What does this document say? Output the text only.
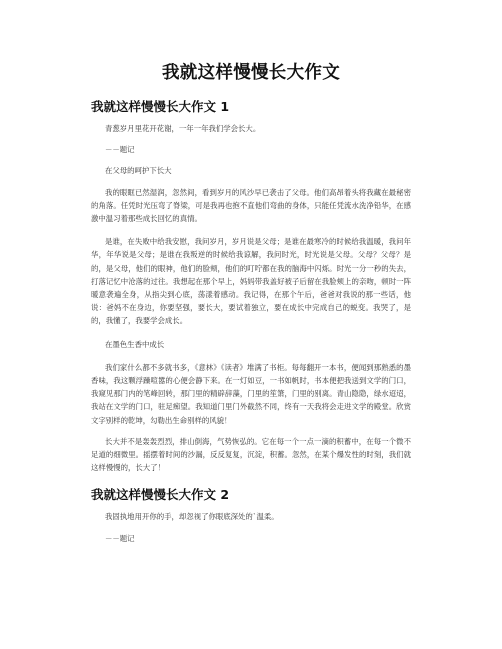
我就这样慢慢长大作文
我就这样慢慢长大作文 1

青葱岁月里花开花谢，一年一年我们学会长大。

－－题记

在父母的呵护下长大

我的眼眶已然湿润，忽然间，看到岁月的风沙早已袭击了父母。他们高昂着头将我藏在最秘密的角落。任凭时光压弯了脊梁，可是我再也抱不直他们弯曲的身体，只能任凭流水洗净铅华，在感激中温习着那些成长回忆的真情。

是谁，在失败中给我安慰，我问岁月，岁月说是父母；是谁在最寒冷的时候给我温暖，我问年华，年华说是父母；是谁在我叛逆的时候给我谅解，我问时光，时光说是父母。父母？父母？是的，是父母，他们的眼神，他们的脸颊，他们的叮咛都在我的脑海中闪烁。时光一分一秒的失去，打落记忆中沧落的过往。我想起在那个早上，妈妈带我盖好被子后留在我脸颊上的亲吻，顿时一阵暖意袭遍全身，从指尖到心底，荡漾着感动。我记得，在那个午后，爸爸对我说的那一些话，他说：爸妈不在身边，你要坚强，要长大，要试着独立，要在成长中完成自己的蜕变。我哭了，是的，我懂了，我要学会成长。

在墨色生香中成长

我们家什么都不多就书多，《意林》《读者》堆满了书柜。每每翻开一本书，便闻到那熟悉的墨香味，我这颗浮躁喧嚣的心便会静下来。在一灯如豆，一书如帆时，书本便把我送到文学的门口，我窥见那门内的笔峰回转，那门里的精辟辞藻，门里的笙箫，门里的别离。青山隐隐，绿水迢迢，我站在文学的门口，驻足痴望。我知道门里门外截然不同，终有一天我将会走进文学的殿堂。欣赏文字别样的乾坤，勾勒出生命别样的风貌！

长大并不是轰轰烈烈，排山倒海，气势恢弘的。它在每一个一点一滴的积蓄中，在每一个微不足道的细微里。摇摆着时间的沙漏，反反复复，沉淀，积蓄。忽然，在某个爆发性的时刻，我们就这样慢慢的，长大了！

我就这样慢慢长大作文 2

我固执地用开你的手，却忽视了你眼底深处的`温柔。

－－题记
